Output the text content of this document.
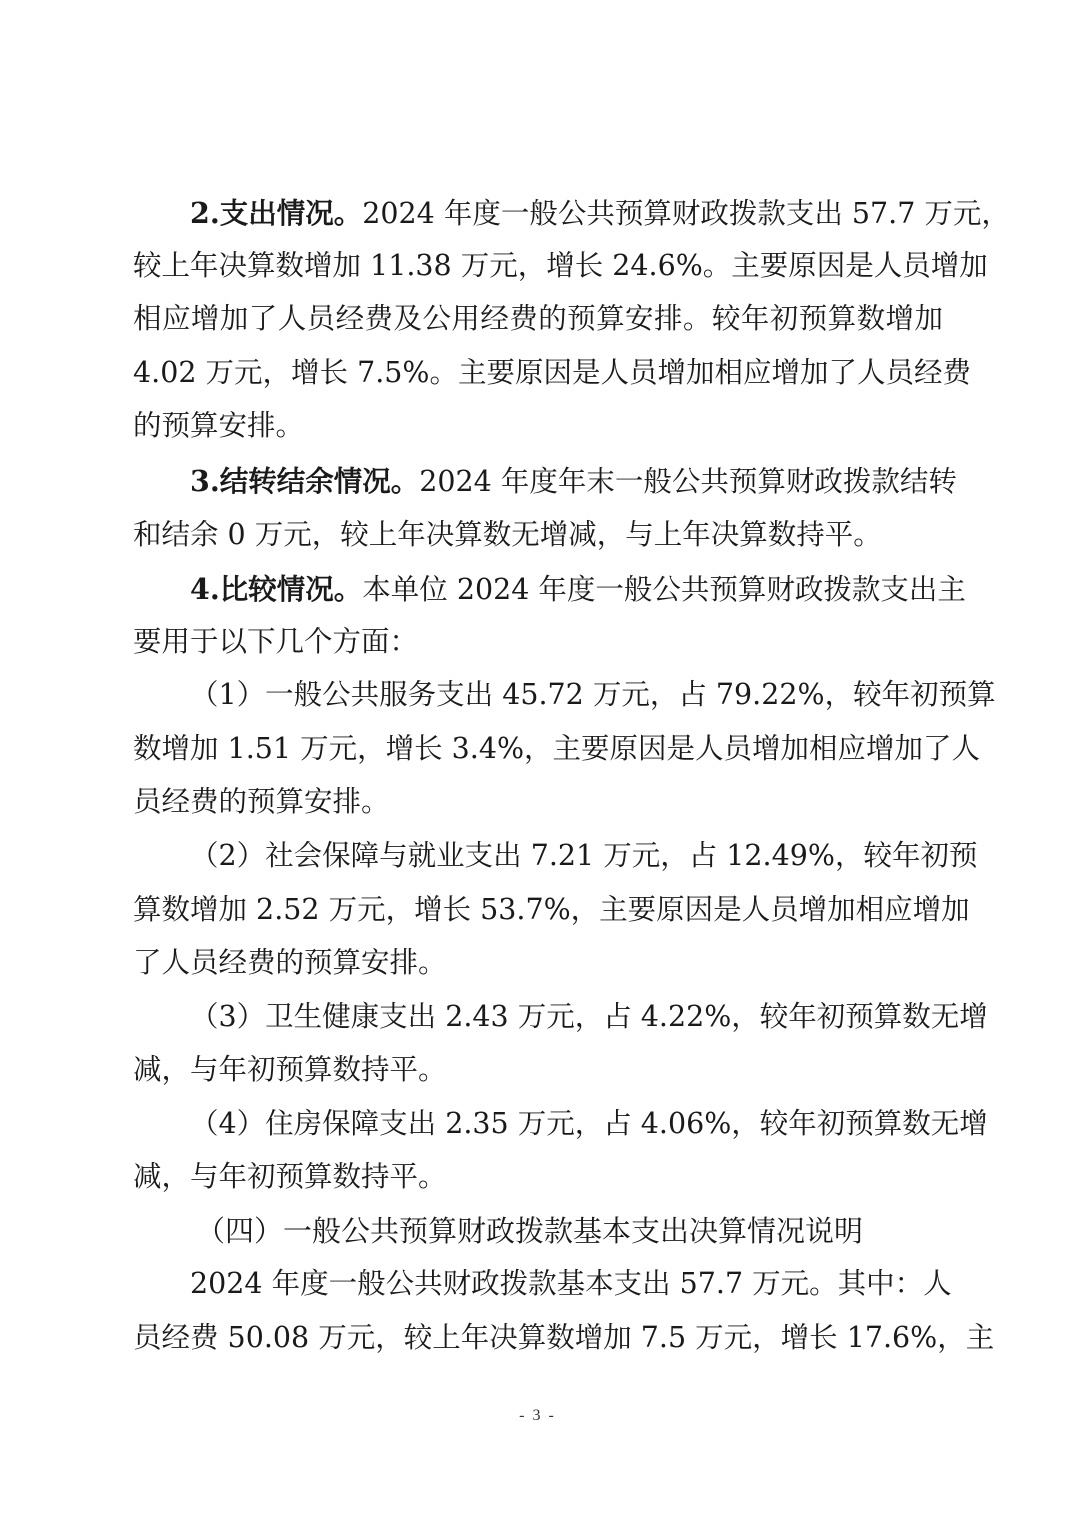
2.支出情况。2024 年度一般公共预算财政拨款支出 57.7 万元，
较上年决算数增加 11.38 万元，增长 24.6%。主要原因是人员增加
相应增加了人员经费及公用经费的预算安排。较年初预算数增加
4.02 万元，增长 7.5%。主要原因是人员增加相应增加了人员经费
的预算安排。
3.结转结余情况。2024 年度年末一般公共预算财政拨款结转
和结余 0 万元，较上年决算数无增减，与上年决算数持平。
4.比较情况。本单位 2024 年度一般公共预算财政拨款支出主
要用于以下几个方面：
（1）一般公共服务支出 45.72 万元，占 79.22%，较年初预算
数增加 1.51 万元，增长 3.4%，主要原因是人员增加相应增加了人
员经费的预算安排。
（2）社会保障与就业支出 7.21 万元，占 12.49%，较年初预
算数增加 2.52 万元，增长 53.7%，主要原因是人员增加相应增加
了人员经费的预算安排。
（3）卫生健康支出 2.43 万元，占 4.22%，较年初预算数无增
减，与年初预算数持平。
（4）住房保障支出 2.35 万元，占 4.06%，较年初预算数无增
减，与年初预算数持平。
（四）一般公共预算财政拨款基本支出决算情况说明
2024 年度一般公共财政拨款基本支出 57.7 万元。其中：人
员经费 50.08 万元，较上年决算数增加 7.5 万元，增长 17.6%，主
- 3 -
